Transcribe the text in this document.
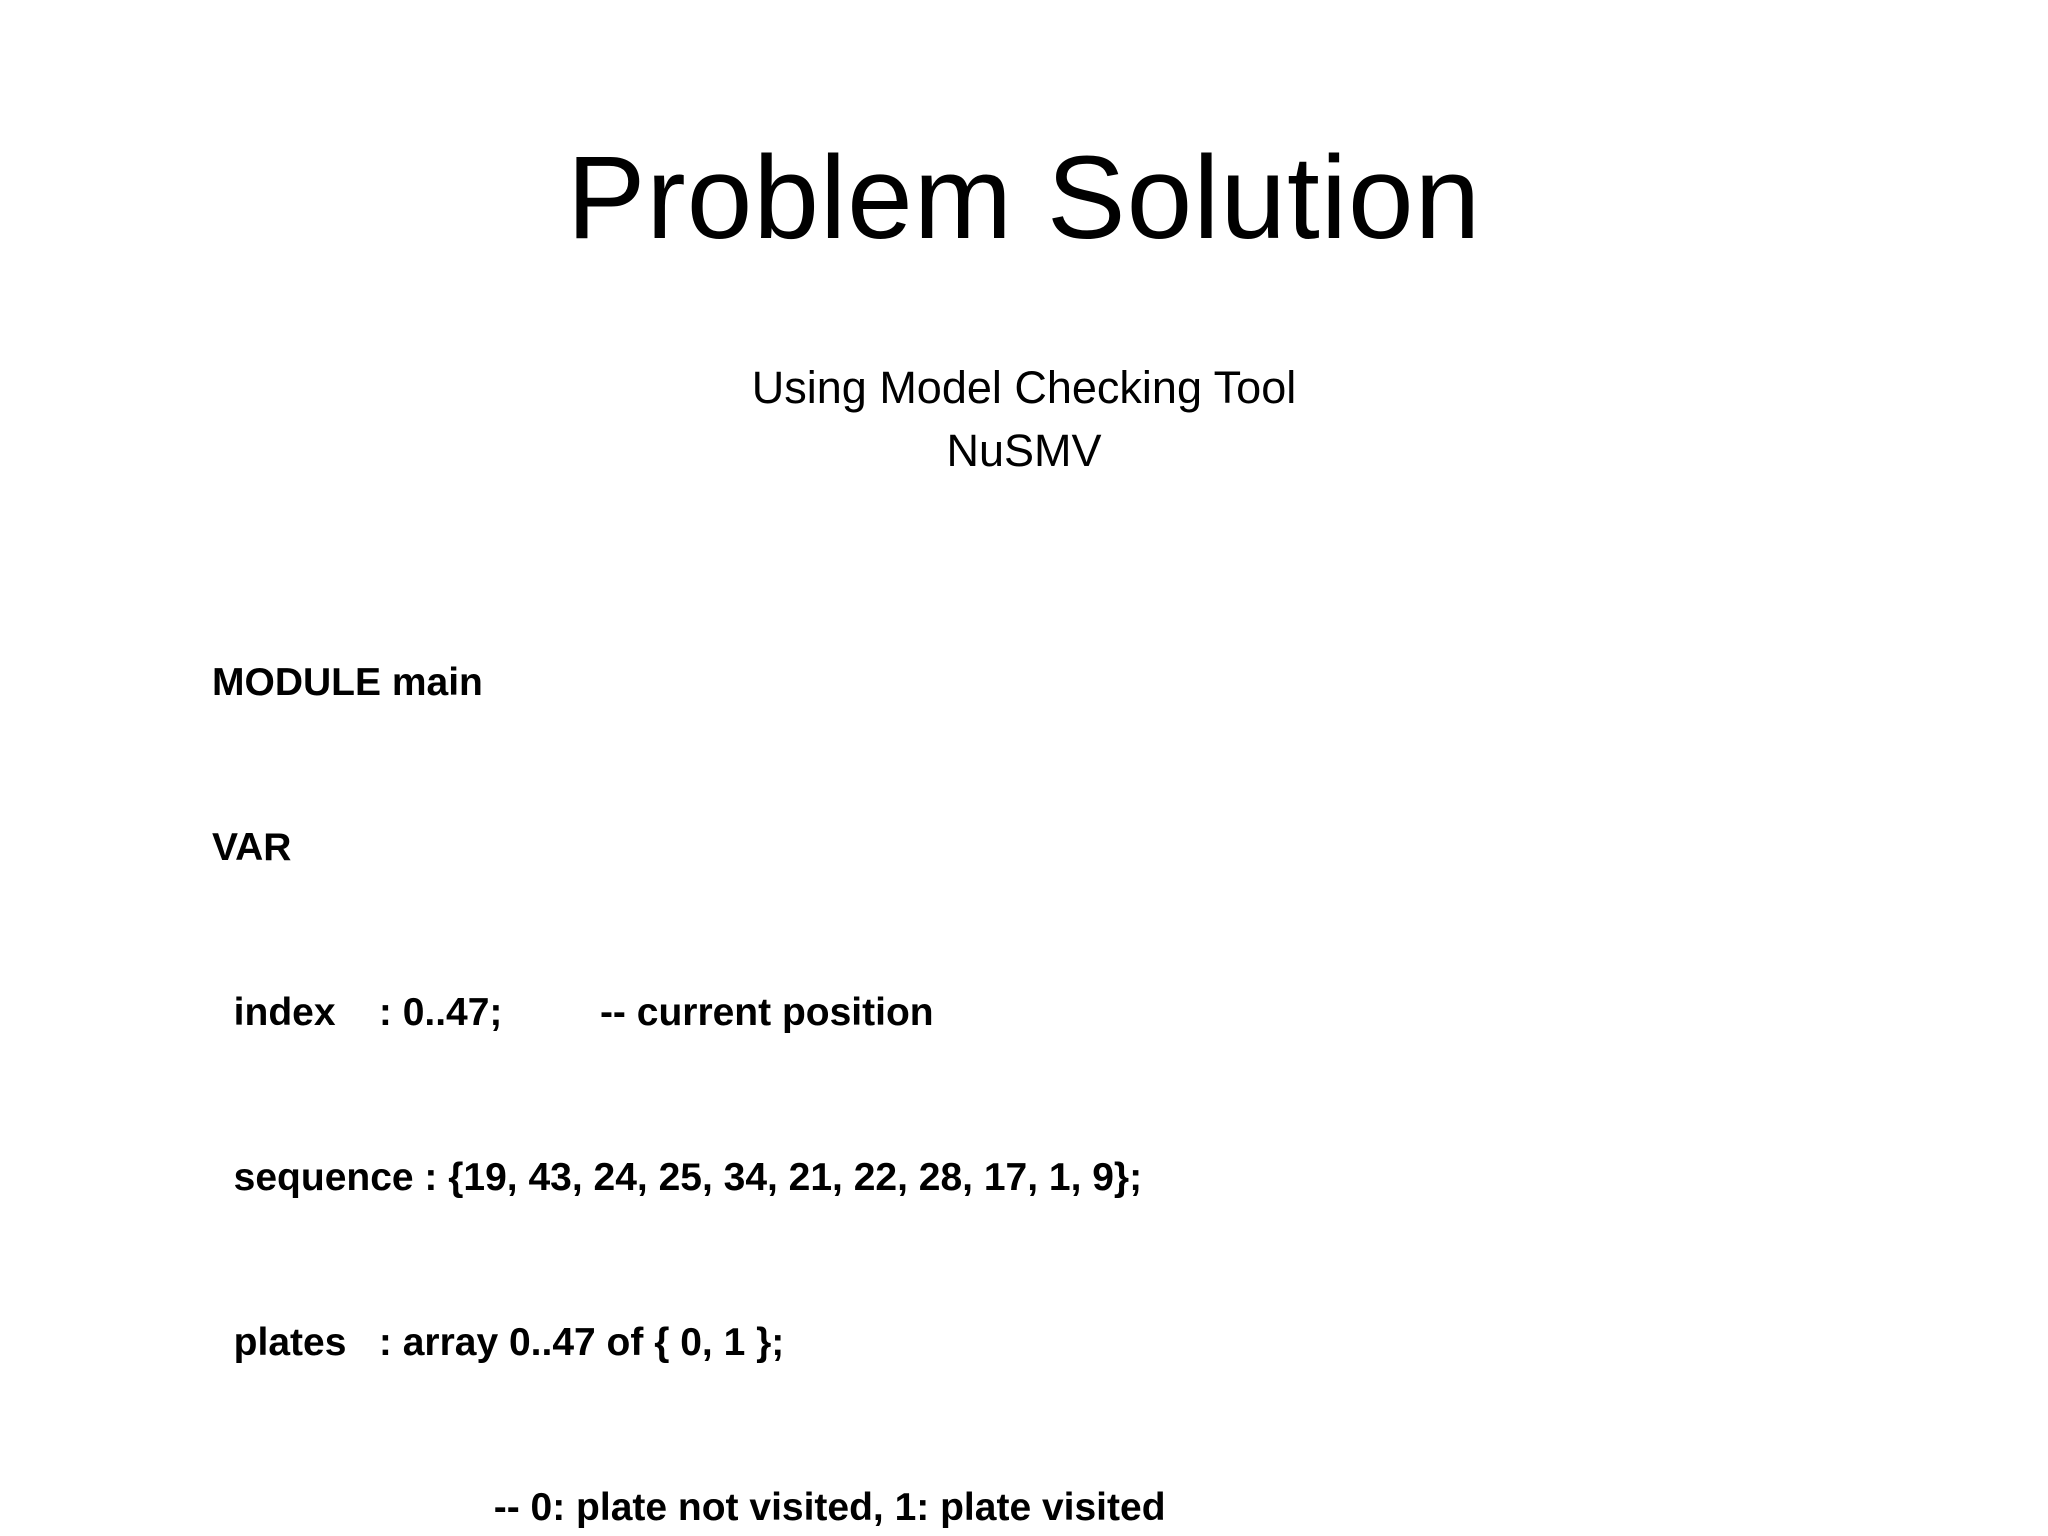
Problem Solution
Using Model Checking Tool
NuSMV

MODULE main

VAR

index    : 0..47;         -- current position

sequence : {19, 43, 24, 25, 34, 21, 22, 28, 17, 1, 9};

plates   : array 0..47 of { 0, 1 };

-- 0: plate not visited, 1: plate visited
